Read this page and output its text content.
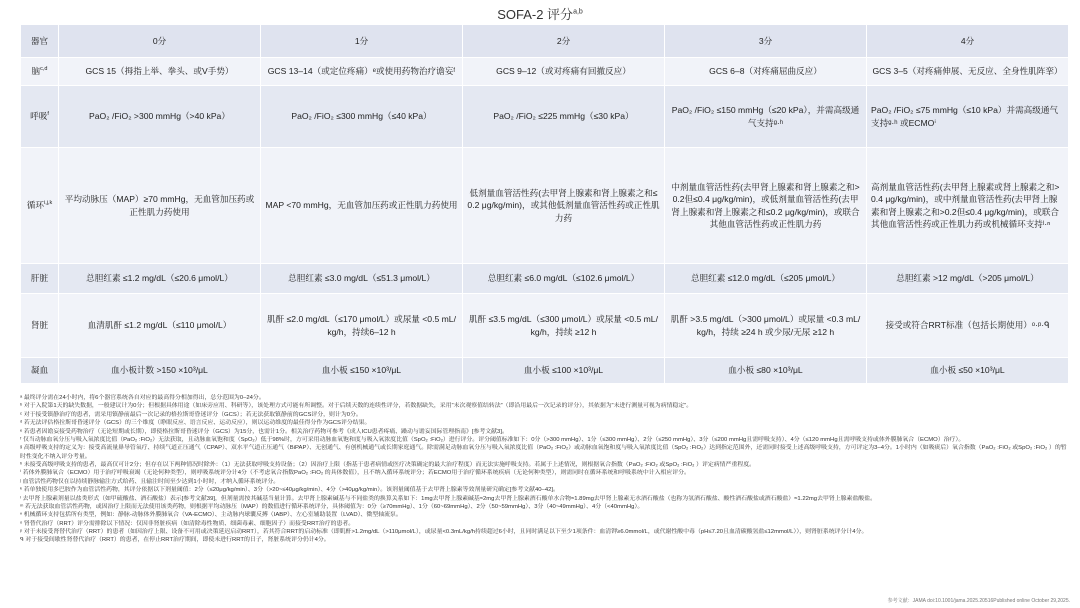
SOFA-2 评分$^{a,b}$
器官	0分	1分	2分	3分	4分
脑$^{c,d}$	GCS 15（拇指上举、拳头、或V手势）	GCS 13–14（或定位疼痛）ᵉ或使用药物治疗谵妄ᶠ	GCS 9–12（或对疼痛有回撤反应）	GCS 6–8（对疼痛屈曲反应）	GCS 3–5（对疼痛伸展、无反应、全身性肌阵挛）
呼吸$^f$	PaO₂ /FiO₂ >300 mmHg（>40 kPa）	PaO₂ /FiO₂ ≤300 mmHg（≤40 kPa）	PaO₂ /FiO₂ ≤225 mmHg（≤30 kPa）	PaO₂ /FiO₂ ≤150 mmHg（≤20 kPa），并需高级通气支持ᵍ·ʰ	PaO₂ /FiO₂ ≤75 mmHg（≤10 kPa）并需高级通气支持ᵍ·ʰ 或ECMOⁱ
循环$^{i,j,k}$	平均动脉压（MAP）≥70 mmHg，无血管加压药或正性肌力药使用	MAP <70 mmHg，无血管加压药或正性肌力药使用	低剂量血管活性药(去甲肾上腺素和肾上腺素之和≤0.2 μg/kg/min)，或其他低剂量血管活性药或正性肌力药	中剂量血管活性药(去甲肾上腺素和肾上腺素之和>0.2但≤0.4 μg/kg/min)，或低剂量血管活性药(去甲肾上腺素和肾上腺素之和≤0.2 μg/kg/min)，或联合其他血管活性药或正性肌力药	高剂量血管活性药(去甲肾上腺素或肾上腺素之和>0.4 μg/kg/min)，或中剂量血管活性药(去甲肾上腺素和肾上腺素之和>0.2但≤0.4 μg/kg/min)，或联合其他血管活性药或正性肌力药或机械循环支持ˡ·ⁿ
肝脏	总胆红素 ≤1.2 mg/dL（≤20.6 μmol/L）	总胆红素 ≤3.0 mg/dL（≤51.3 μmol/L）	总胆红素 ≤6.0 mg/dL（≤102.6 μmol/L）	总胆红素 ≤12.0 mg/dL（≤205 μmol/L）	总胆红素 >12 mg/dL（>205 μmol/L）
肾脏	血清肌酐 ≤1.2 mg/dL（≤110 μmol/L）	肌酐 ≤2.0 mg/dL（≤170 μmol/L）或尿量 <0.5 mL/kg/h，持续6–12 h	肌酐 ≤3.5 mg/dL（≤300 μmol/L）或尿量 <0.5 mL/kg/h，持续 ≥12 h	肌酐 >3.5 mg/dL（>300 μmol/L）或尿量 <0.3 mL/kg/h，持续 ≥24 h 或少尿/无尿 ≥12 h	接受或符合RRT标准（包括长期使用）ᵒ·ᵖ·ᑫ
凝血	血小板计数 >150 ×10³/μL	血小板 ≤150 ×10³/μL	血小板 ≤100 ×10³/μL	血小板 ≤80 ×10³/μL	血小板 ≤50 ×10³/μL
ᵃ 最终评分需在24小时内，将6个器官系统各自对应的最高得分相加得出，总分范围为0–24分。
ᵇ 对于入院第1天的缺失数据，一般建议计为0分；但根据具体用途（如床旁应用、科研等），该处理方式可能有所调整。对于后续天数的连续性评分，若数据缺失，采用“末次观察值结转法”（即沿用最后一次记录的评分），其依据为“未进行测量可视为病情稳定”。
ᶜ 对于接受镇静治疗的患者，需采用镇静前最后一次记录的格拉斯哥昏迷评分（GCS）；若无法获取镇静前的GCS评分，则计为0分。
ᵈ 若无法评估格拉斯哥昏迷评分（GCS）的三个维度（睁眼反应、语言反应、运动反应），则以运动维度的最佳得分作为GCS评分结果。
ᵉ 若患者因谵妄接受药物治疗（无论短期或长期），即使格拉斯哥昏迷评分（GCS）为15分，也需计1分。相关治疗药物可参考《成人ICU患者疼痛、躁动与谵妄国际管理指南》[参考文献3]。
ᶠ 仅当动脉血氧分压与吸入氧浓度比值（PaO₂ :FiO₂）无法获取，且动脉血氧饱和度（SpO₂）低于98%时，方可采用动脉血氧饱和度与吸入氧浓度比值（SpO₂ :FiO₂）进行评分。评分阈值标准如下：0分（>300 mmHg）、1分（≤300 mmHg）、2分（≤250 mmHg）、3分（≤200 mmHg且需呼吸支持）、4分（≤120 mmHg且需呼吸支持或体外膜肺氧合（ECMO）治疗）。
ᵍ 高级呼吸支持的定义为：接受高流量鼻导管氧疗、持续气道正压通气（CPAP）、双水平气道正压通气（BiPAP）、无创通气、有创机械通气或长期家庭通气。除需满足动脉血氧分压与吸入氧浓度比值（PaO₂ :FiO₂）或动脉血氧饱和度与吸入氧浓度比值（SpO₂ :FiO₂）达到指定范围外，还需同时接受上述高级呼吸支持，方可评定为3–4分。1小时内（如吸痰后）氧合指数（PaO₂ :FiO₂ 或SpO₂ :FiO₂ ）的暂时性变化不纳入评分考量。
ʰ 未接受高级呼吸支持的患者，最高仅可计2分；但存在以下两种情况时除外：（1）无法获取呼吸支持设备；（2）因治疗上限（指基于患者病情或医疗决策确定的最大治疗程度）而无法实施呼吸支持。若属于上述情况，则根据氧合指数（PaO₂ :FiO₂ 或SpO₂ :FiO₂ ）评定病情严重程度。
ⁱ 若体外膜肺氧合（ECMO）用于治疗呼吸衰竭（无论何种类型），则呼吸系统评分计4分（不考虑氧合指数PaO₂ :FiO₂ 的具体数值），且不纳入循环系统评分；若ECMO用于治疗循环系统疾病（无论何种类型），则需同时在循环系统和呼吸系统中计入相应评分。
ʲ 血管活性药物仅在以持续静脉输注方式给药、且输注时间至少达到1小时时，才纳入循环系统评分。
ᵏ 若单独使用多巴胺作为血管活性药物，其评分依据以下剂量阈值：2分（≤20μg/kg/min）、3分（>20~≤40μg/kg/min）、4分（>40μg/kg/min）。该剂量阈值基于去甲肾上腺素等效剂量研究确定[参考文献40–42]。
ˡ 去甲肾上腺素剂量以盐类形式（如甲硫酸盐、酒石酸盐）表示[参考文献39]，但剂量需按其碱基当量计算。去甲肾上腺素碱基与不同盐类的换算关系如下：1mg去甲肾上腺素碱基≈2mg去甲肾上腺素酒石酸单水合物≈1.89mg去甲肾上腺素无水酒石酸盐（也称为氢酒石酸盐、酸性酒石酸盐或酒石酸盐）≈1.22mg去甲肾上腺素盐酸盐。
ᵐ 若无法获取血管活性药物，或因治疗上限而无法使用该类药物，则根据平均动脉压（MAP）的数值进行循环系统评分，具体阈值为：0分（≥70mmHg）、1分（60~69mmHg）、2分（50~59mmHg）、3分（40~49mmHg）、4分（<40mmHg）。
ⁿ 机械循环支持包括所有类型，例如：静脉-动脉体外膜肺氧合（VA-ECMO）、主动脉内球囊反搏（IABP）、左心室辅助装置（LVAD）、微型轴流泵。
ᵒ 肾替代治疗（RRT）评分需排除以下情况：仅因非肾脏疾病（如清除毒性物质、细菌毒素、细胞因子）而接受RRT治疗的患者。
ᵖ 对于未接受肾替代治疗（RRT）的患者（如因治疗上限、设备不可用或决策延迟启动RRT），若其符合RRT的启动标准（即肌酐>1.2mg/dL（>110μmol/L），或尿量<0.3mL/kg/h持续超过6小时，且同时满足以下至少1项条件：血清钾≥6.0mmol/L，或代谢性酸中毒（pH≤7.20且血清碳酸氢盐≤12mmol/L）），则肾脏系统评分计4分。
ᑫ 对于接受间歇性肾替代治疗（RRT）的患者，在停止RRT治疗期间，即使未进行RRT的日子，肾脏系统评分仍计4分。
参考文献：JAMA doi:10.1001/jama.2025.20516Published online October 29,2025.
